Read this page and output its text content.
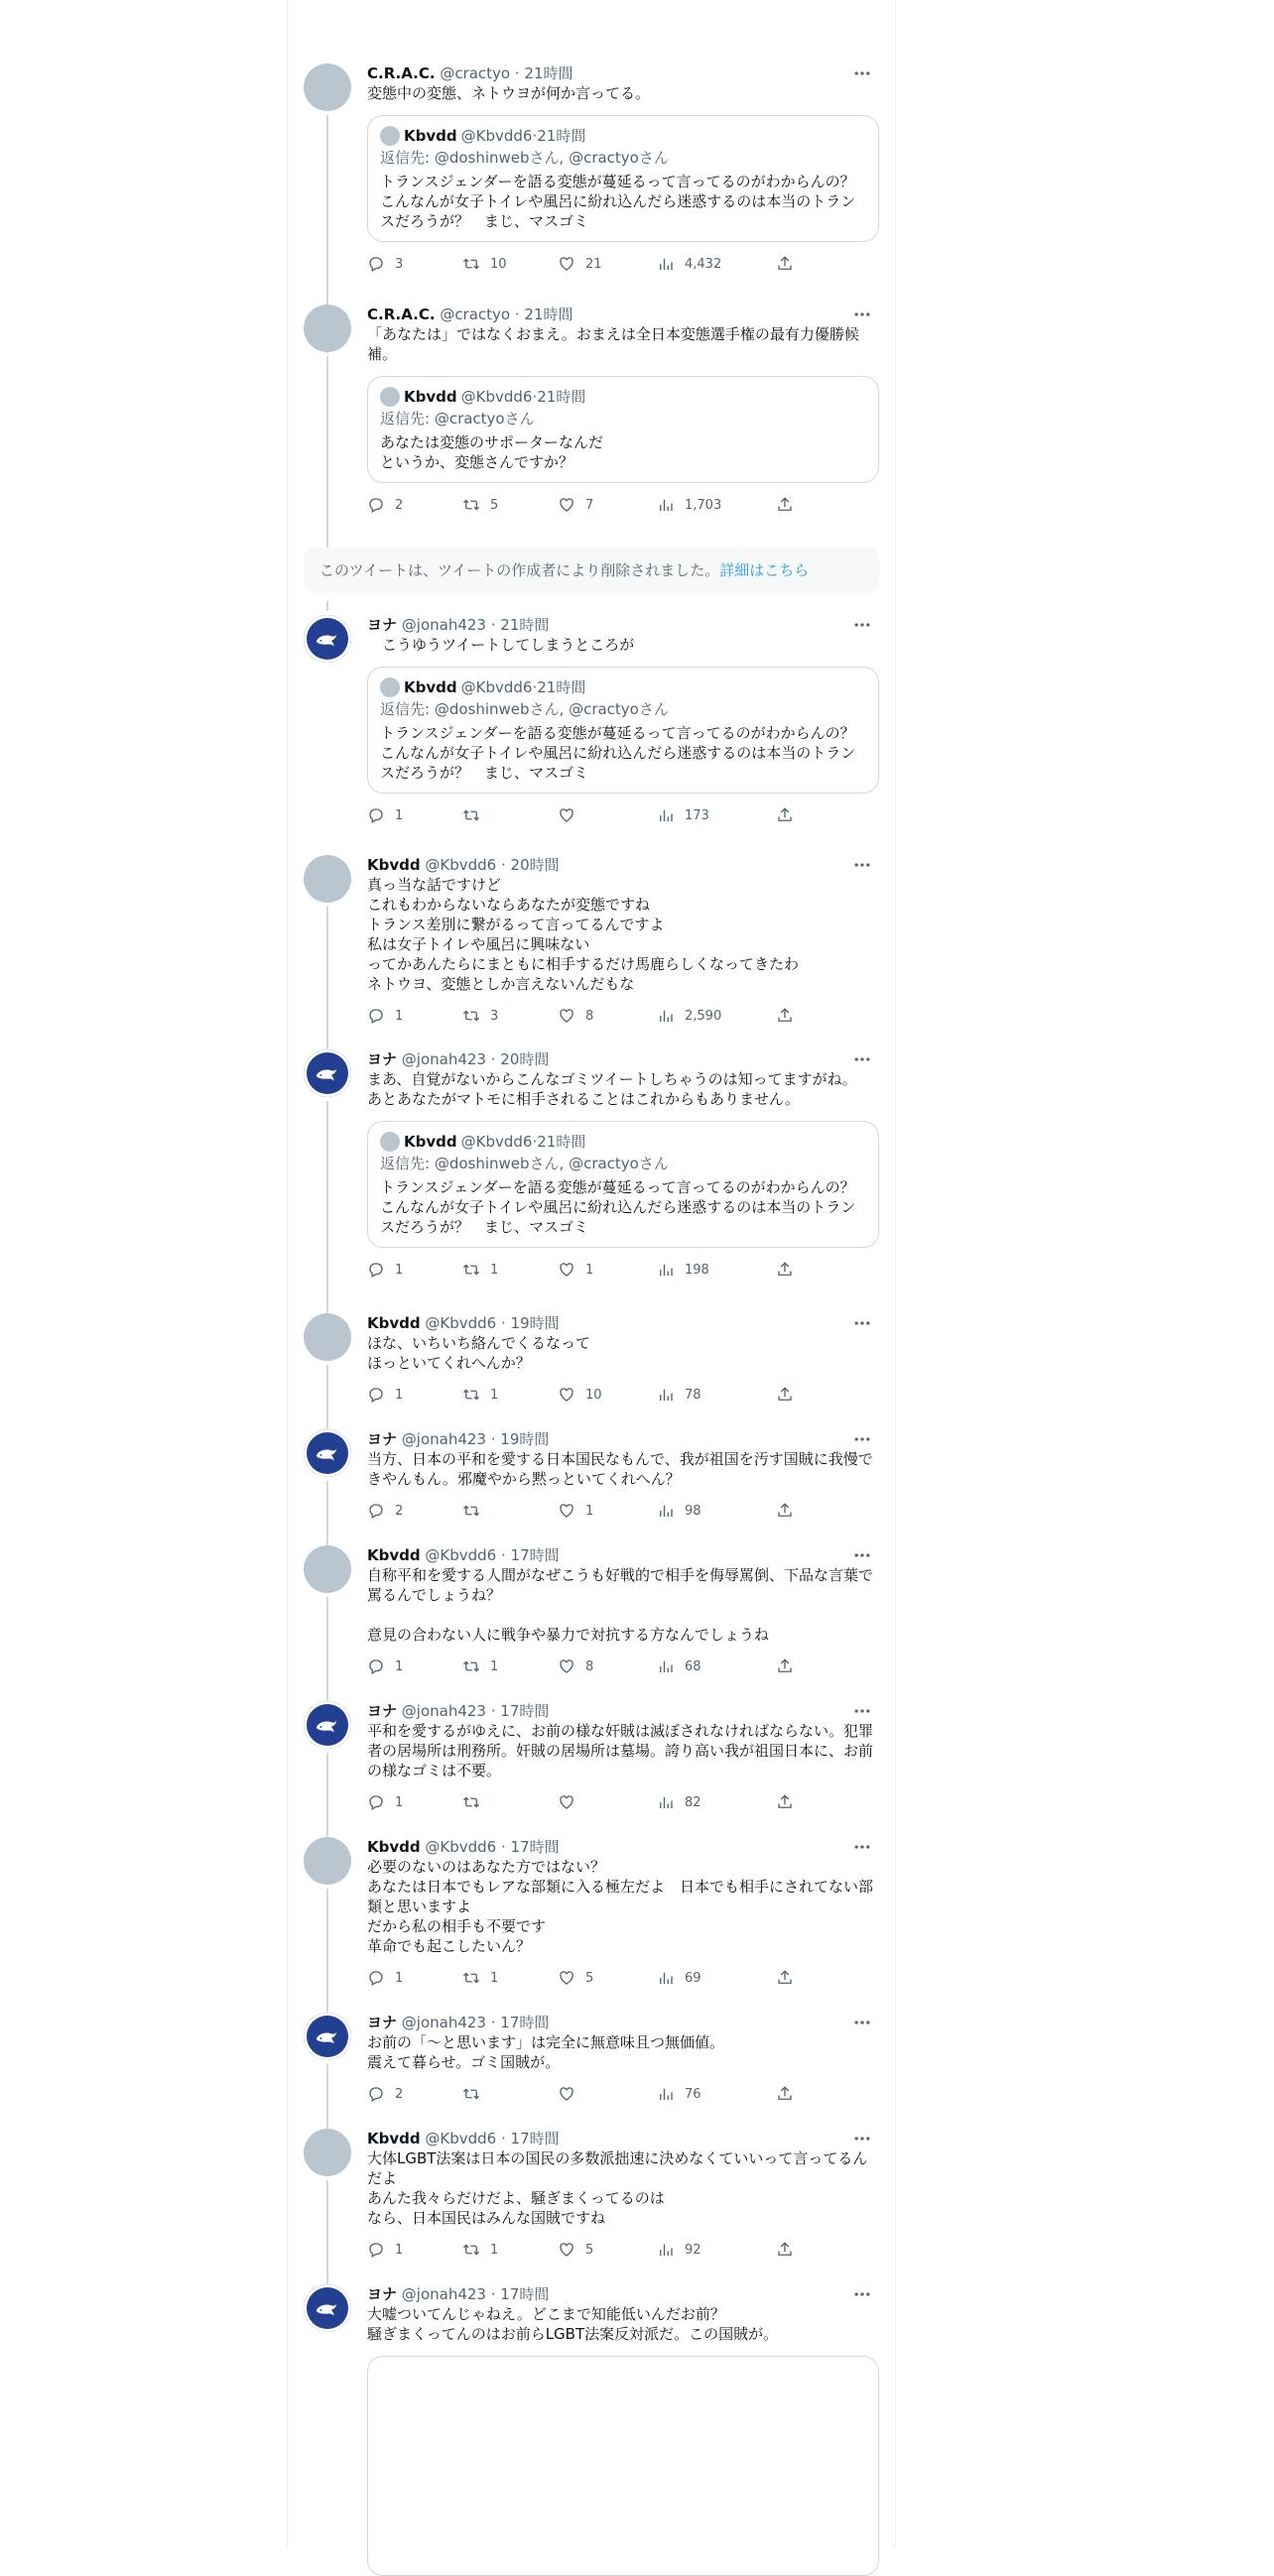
C.R.A.C. @cractyo · 21時間
変態中の変態、ネトウヨが何か言ってる。
Kbvdd @Kbvdd6 · 21時間
返信先: @doshinwebさん, @cractyoさん
トランスジェンダーを語る変態が蔓延るって言ってるのがわからんの？
こんなんが女子トイレや風呂に紛れ込んだら迷惑するのは本当のトランスだろうが？　まじ、マスゴミ
3	10	21	4,432
C.R.A.C. @cractyo · 21時間
「あなたは」ではなくおまえ。おまえは全日本変態選手権の最有力優勝候補。
Kbvdd @Kbvdd6 · 21時間
返信先: @cractyoさん
あなたは変態のサポーターなんだ
というか、変態さんですか？
2	5	7	1,703
このツイートは、ツイートの作成者により削除されました。詳細はこちら
ヨナ @jonah423 · 21時間
　こうゆうツイートしてしまうところが
Kbvdd @Kbvdd6 · 21時間
返信先: @doshinwebさん, @cractyoさん
トランスジェンダーを語る変態が蔓延るって言ってるのがわからんの？
こんなんが女子トイレや風呂に紛れ込んだら迷惑するのは本当のトランスだろうが？　まじ、マスゴミ
1	173
Kbvdd @Kbvdd6 · 20時間
真っ当な話ですけど
これもわからないならあなたが変態ですね
トランス差別に繋がるって言ってるんですよ
私は女子トイレや風呂に興味ない
ってかあんたらにまともに相手するだけ馬鹿らしくなってきたわ
ネトウヨ、変態としか言えないんだもな
1	3	8	2,590
ヨナ @jonah423 · 20時間
まあ、自覚がないからこんなゴミツイートしちゃうのは知ってますがね。
あとあなたがマトモに相手されることはこれからもありません。
Kbvdd @Kbvdd6 · 21時間
返信先: @doshinwebさん, @cractyoさん
トランスジェンダーを語る変態が蔓延るって言ってるのがわからんの？
こんなんが女子トイレや風呂に紛れ込んだら迷惑するのは本当のトランスだろうが？　まじ、マスゴミ
1	1	1	198
Kbvdd @Kbvdd6 · 19時間
ほな、いちいち絡んでくるなって
ほっといてくれへんか？
1	1	10	78
ヨナ @jonah423 · 19時間
当方、日本の平和を愛する日本国民なもんで、我が祖国を汚す国賊に我慢できやんもん。邪魔やから黙っといてくれへん？
2	1	98
Kbvdd @Kbvdd6 · 17時間
自称平和を愛する人間がなぜこうも好戦的で相手を侮辱罵倒、下品な言葉で罵るんでしょうね？

意見の合わない人に戦争や暴力で対抗する方なんでしょうね
1	1	8	68
ヨナ @jonah423 · 17時間
平和を愛するがゆえに、お前の様な奸賊は滅ぼされなければならない。犯罪者の居場所は刑務所。奸賊の居場所は墓場。誇り高い我が祖国日本に、お前の様なゴミは不要。
1	82
Kbvdd @Kbvdd6 · 17時間
必要のないのはあなた方ではない？
あなたは日本でもレアな部類に入る極左だよ　日本でも相手にされてない部類と思いますよ
だから私の相手も不要です
革命でも起こしたいん？
1	1	5	69
ヨナ @jonah423 · 17時間
お前の「～と思います」は完全に無意味且つ無価値。
震えて暮らせ。ゴミ国賊が。
2	76
Kbvdd @Kbvdd6 · 17時間
大体LGBT法案は日本の国民の多数派拙速に決めなくていいって言ってるんだよ
あんた我々らだけだよ、騒ぎまくってるのは
なら、日本国民はみんな国賊ですね
1	1	5	92
ヨナ @jonah423 · 17時間
大嘘ついてんじゃねえ。どこまで知能低いんだお前？
騒ぎまくってんのはお前らLGBT法案反対派だ。この国賊が。
